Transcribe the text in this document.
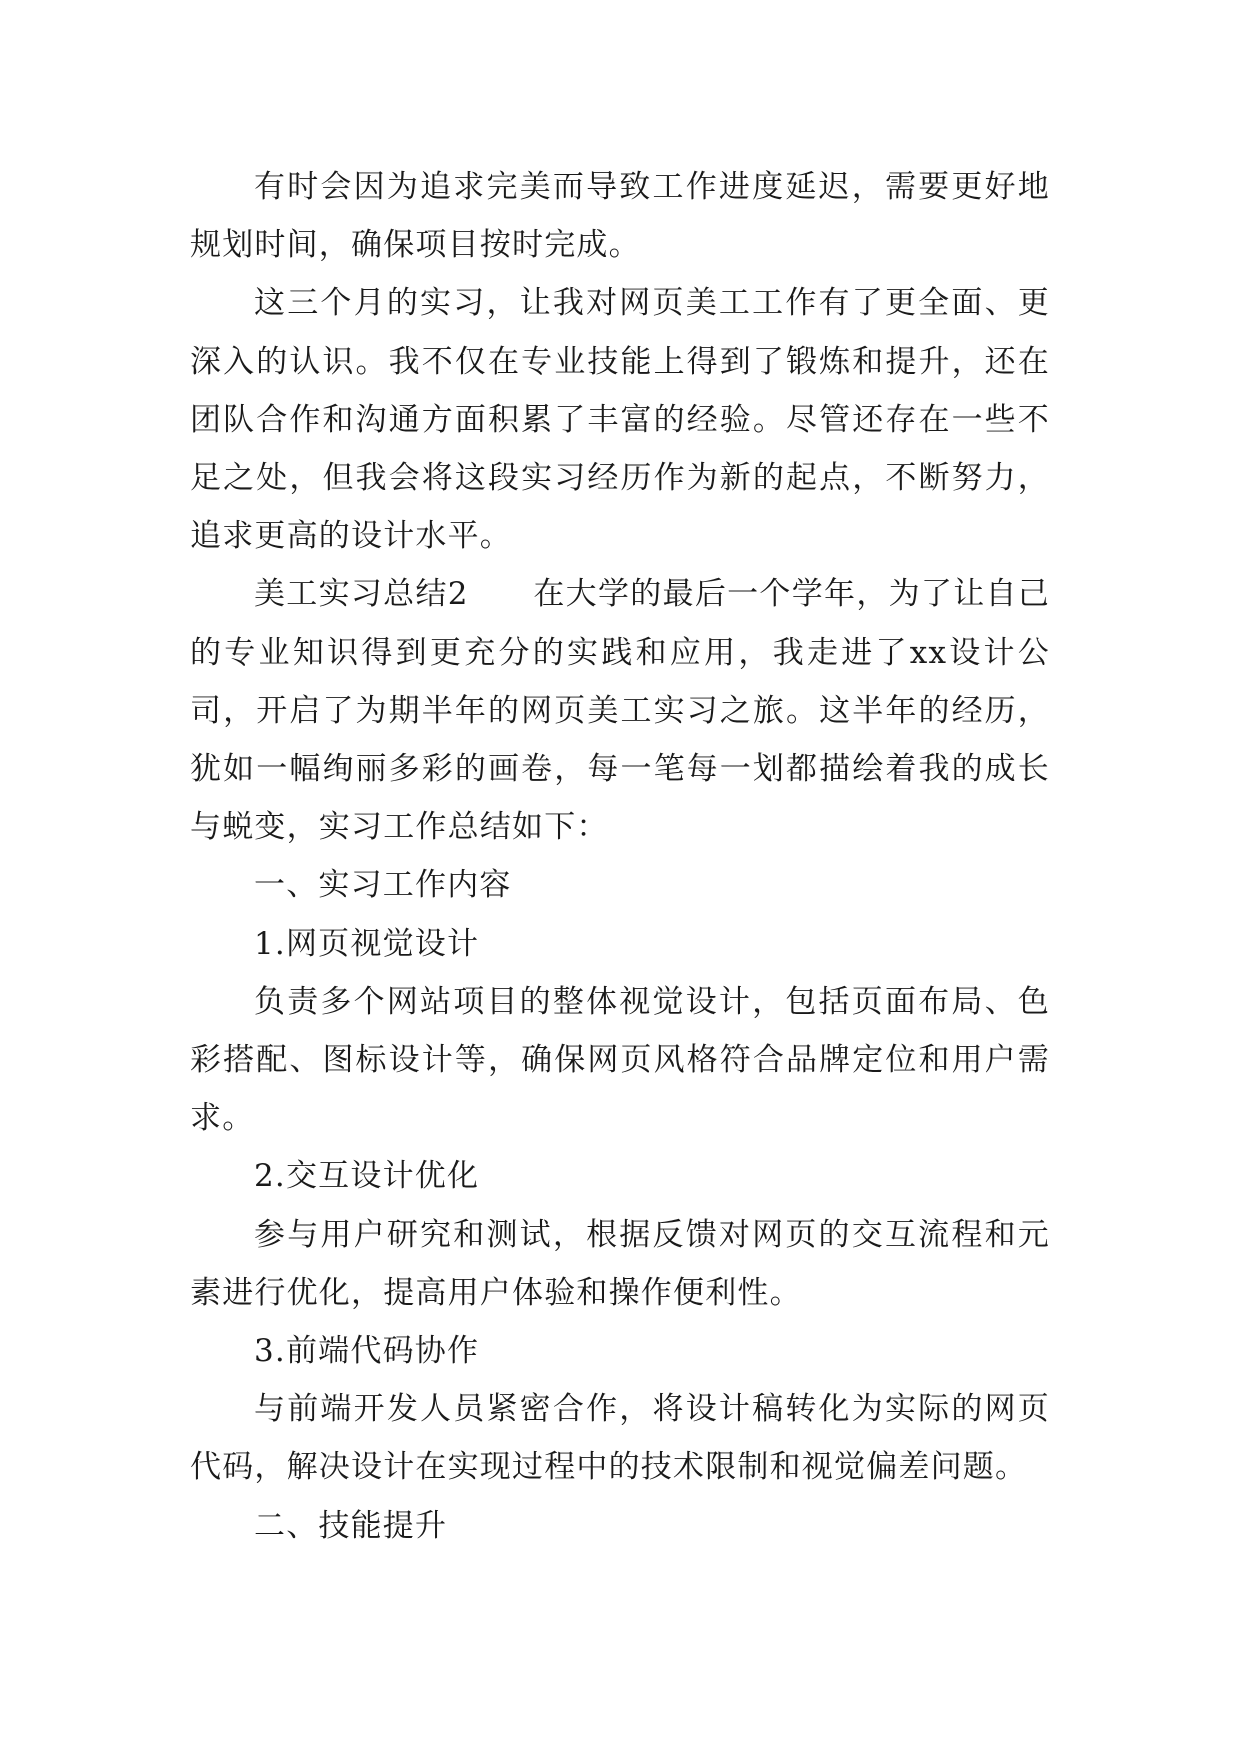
有时会因为追求完美而导致工作进度延迟，需要更好地规划时间，确保项目按时完成。

这三个月的实习，让我对网页美工工作有了更全面、更深入的认识。我不仅在专业技能上得到了锻炼和提升，还在团队合作和沟通方面积累了丰富的经验。尽管还存在一些不足之处，但我会将这段实习经历作为新的起点，不断努力，追求更高的设计水平。

美工实习总结2　　在大学的最后一个学年，为了让自己的专业知识得到更充分的实践和应用，我走进了xx设计公司，开启了为期半年的网页美工实习之旅。这半年的经历，犹如一幅绚丽多彩的画卷，每一笔每一划都描绘着我的成长与蜕变，实习工作总结如下：

一、实习工作内容

1.网页视觉设计

负责多个网站项目的整体视觉设计，包括页面布局、色彩搭配、图标设计等，确保网页风格符合品牌定位和用户需求。

2.交互设计优化

参与用户研究和测试，根据反馈对网页的交互流程和元素进行优化，提高用户体验和操作便利性。

3.前端代码协作

与前端开发人员紧密合作，将设计稿转化为实际的网页代码，解决设计在实现过程中的技术限制和视觉偏差问题。

二、技能提升
